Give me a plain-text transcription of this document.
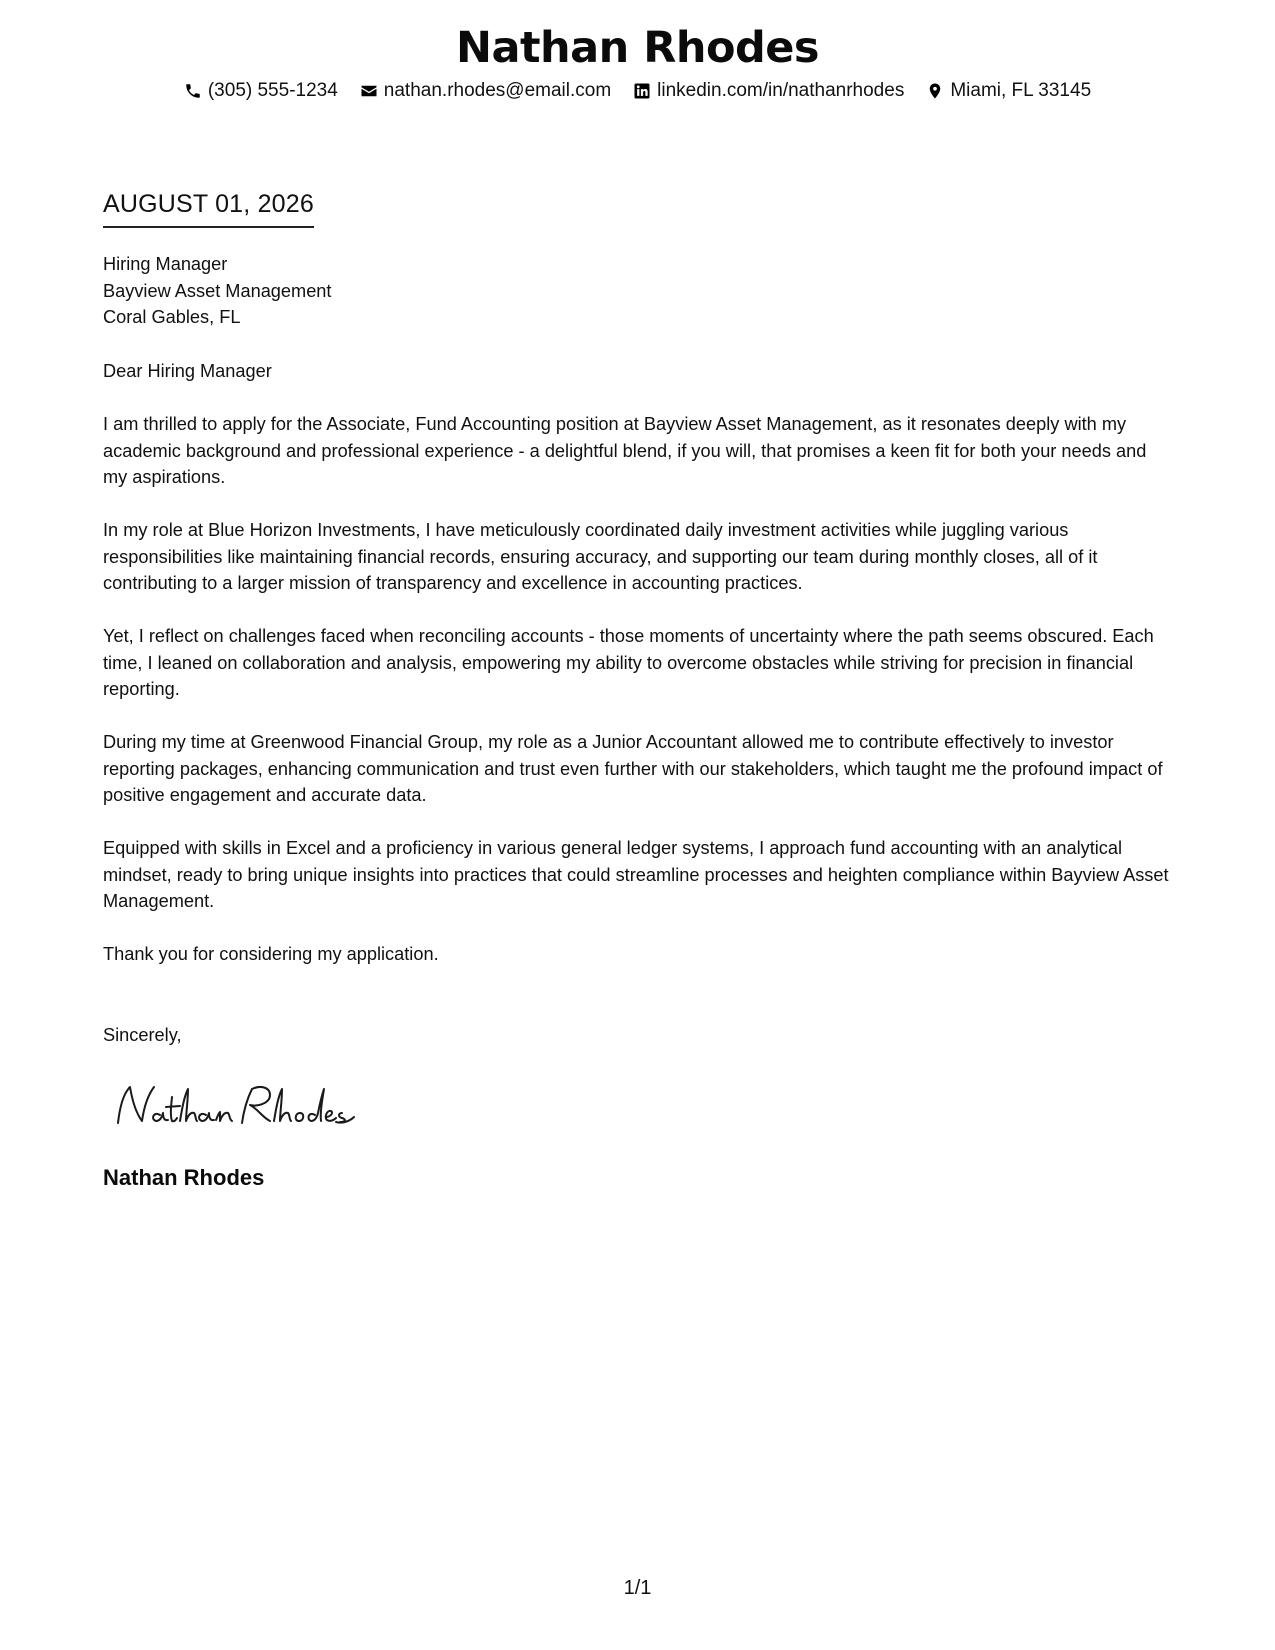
Nathan Rhodes
(305) 555-1234 nathan.rhodes@email.com linkedin.com/in/nathanrhodes Miami, FL 33145
AUGUST 01, 2026
Hiring Manager
Bayview Asset Management
Coral Gables, FL
Dear Hiring Manager

I am thrilled to apply for the Associate, Fund Accounting position at Bayview Asset Management, as it resonates deeply with my academic background and professional experience - a delightful blend, if you will, that promises a keen fit for both your needs and my aspirations.

In my role at Blue Horizon Investments, I have meticulously coordinated daily investment activities while juggling various responsibilities like maintaining financial records, ensuring accuracy, and supporting our team during monthly closes, all of it contributing to a larger mission of transparency and excellence in accounting practices.

Yet, I reflect on challenges faced when reconciling accounts - those moments of uncertainty where the path seems obscured. Each time, I leaned on collaboration and analysis, empowering my ability to overcome obstacles while striving for precision in financial reporting.

During my time at Greenwood Financial Group, my role as a Junior Accountant allowed me to contribute effectively to investor reporting packages, enhancing communication and trust even further with our stakeholders, which taught me the profound impact of positive engagement and accurate data.

Equipped with skills in Excel and a proficiency in various general ledger systems, I approach fund accounting with an analytical mindset, ready to bring unique insights into practices that could streamline processes and heighten compliance within Bayview Asset Management.

Thank you for considering my application.

Sincerely,
Nathan Rhodes
1/1
